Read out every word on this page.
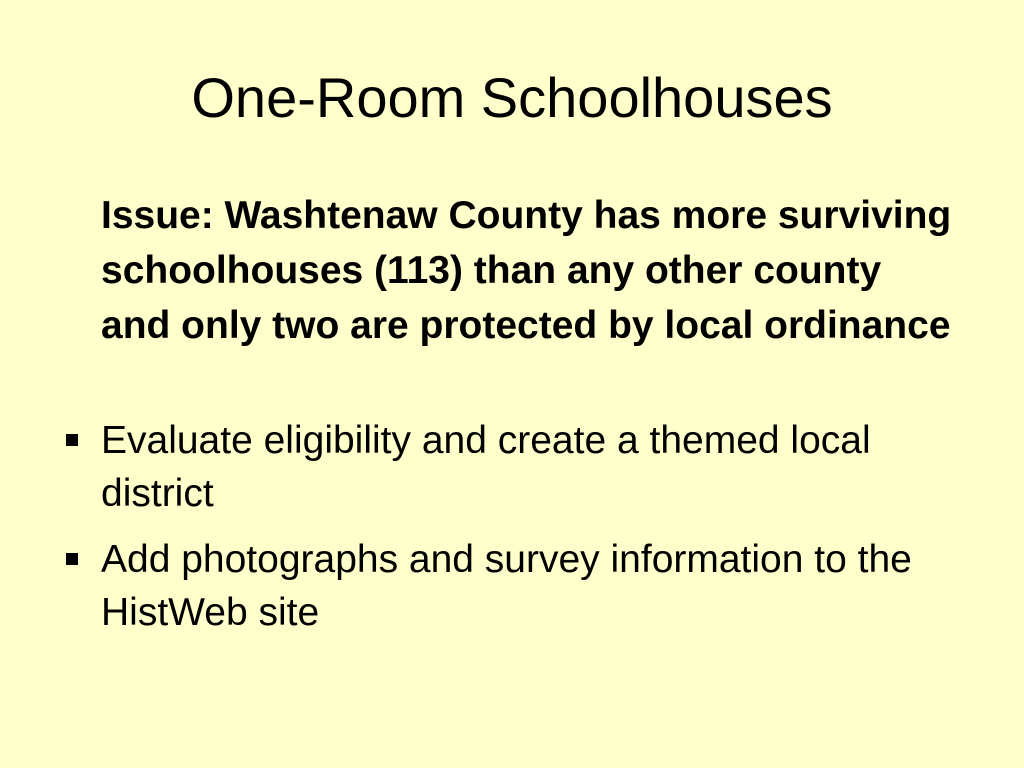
One-Room Schoolhouses

Issue: Washtenaw County has more surviving schoolhouses (113) than any other county and only two are protected by local ordinance

Evaluate eligibility and create a themed local district
Add photographs and survey information to the HistWeb site
